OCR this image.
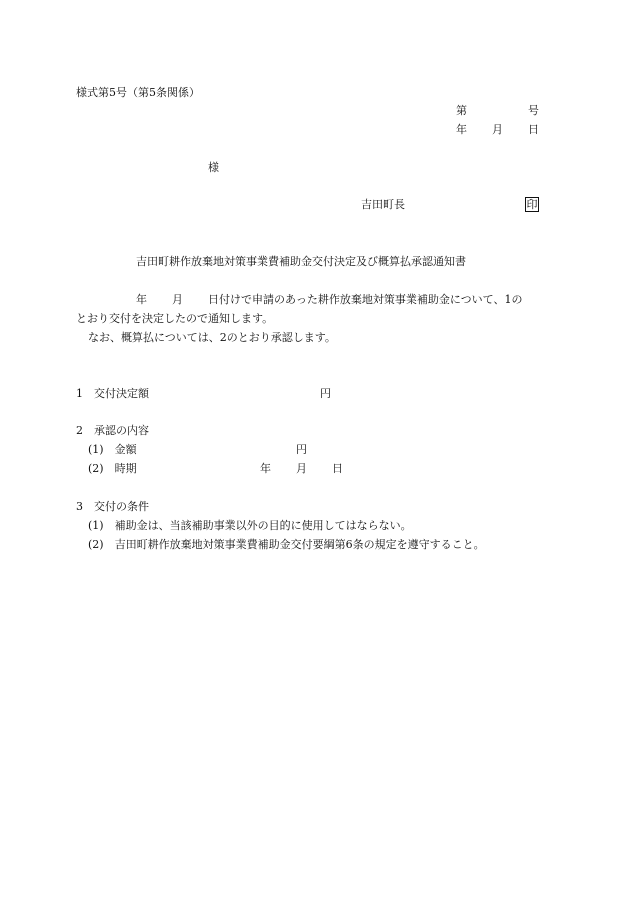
様式第5号（第5条関係）
第	号
年 月 日
様
吉田町長	印
吉田町耕作放棄地対策事業費補助金交付決定及び概算払承認通知書
年 月 日付けで申請のあった耕作放棄地対策事業補助金について、1の
とおり交付を決定したので通知します。
なお、概算払については、2のとおり承認します。
1　交付決定額	円
2　承認の内容
(1)　金額	円
(2)　時期	年 月 日
3　交付の条件
(1)　補助金は、当該補助事業以外の目的に使用してはならない。
(2)　吉田町耕作放棄地対策事業費補助金交付要綱第6条の規定を遵守すること。
